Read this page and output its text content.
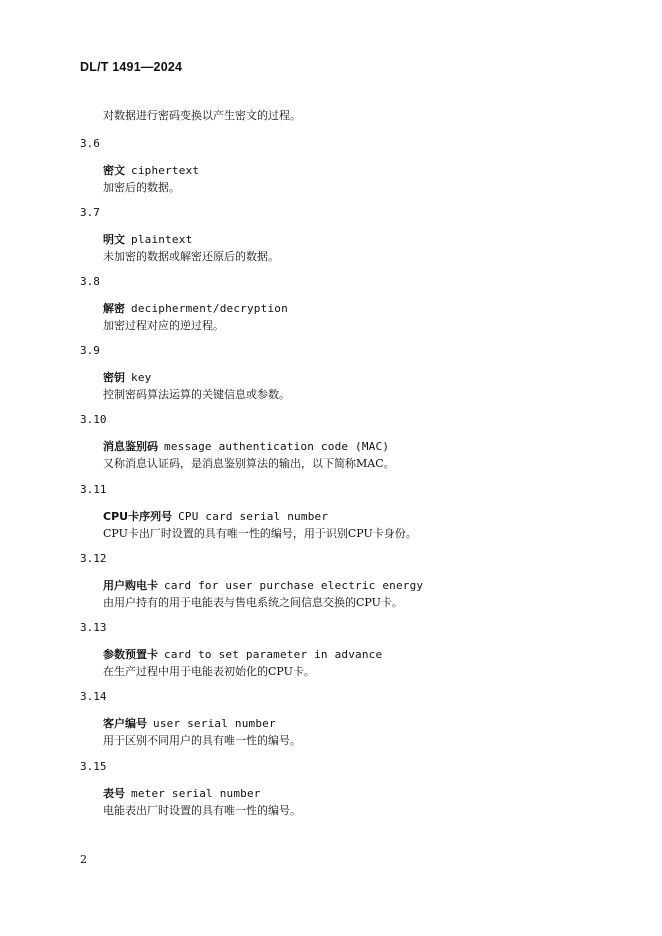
DL/T 1491—2024
对数据进行密码变换以产生密文的过程。
3.6
密文 ciphertext
加密后的数据。
3.7
明文 plaintext
未加密的数据或解密还原后的数据。
3.8
解密 decipherment/decryption
加密过程对应的逆过程。
3.9
密钥 key
控制密码算法运算的关键信息或参数。
3.10
消息鉴别码 message authentication code (MAC)
又称消息认证码，是消息鉴别算法的输出，以下简称MAC。
3.11
CPU卡序列号 CPU card serial number
CPU卡出厂时设置的具有唯一性的编号，用于识别CPU卡身份。
3.12
用户购电卡 card for user purchase electric energy
由用户持有的用于电能表与售电系统之间信息交换的CPU卡。
3.13
参数预置卡 card to set parameter in advance
在生产过程中用于电能表初始化的CPU卡。
3.14
客户编号 user serial number
用于区别不同用户的具有唯一性的编号。
3.15
表号 meter serial number
电能表出厂时设置的具有唯一性的编号。
2
